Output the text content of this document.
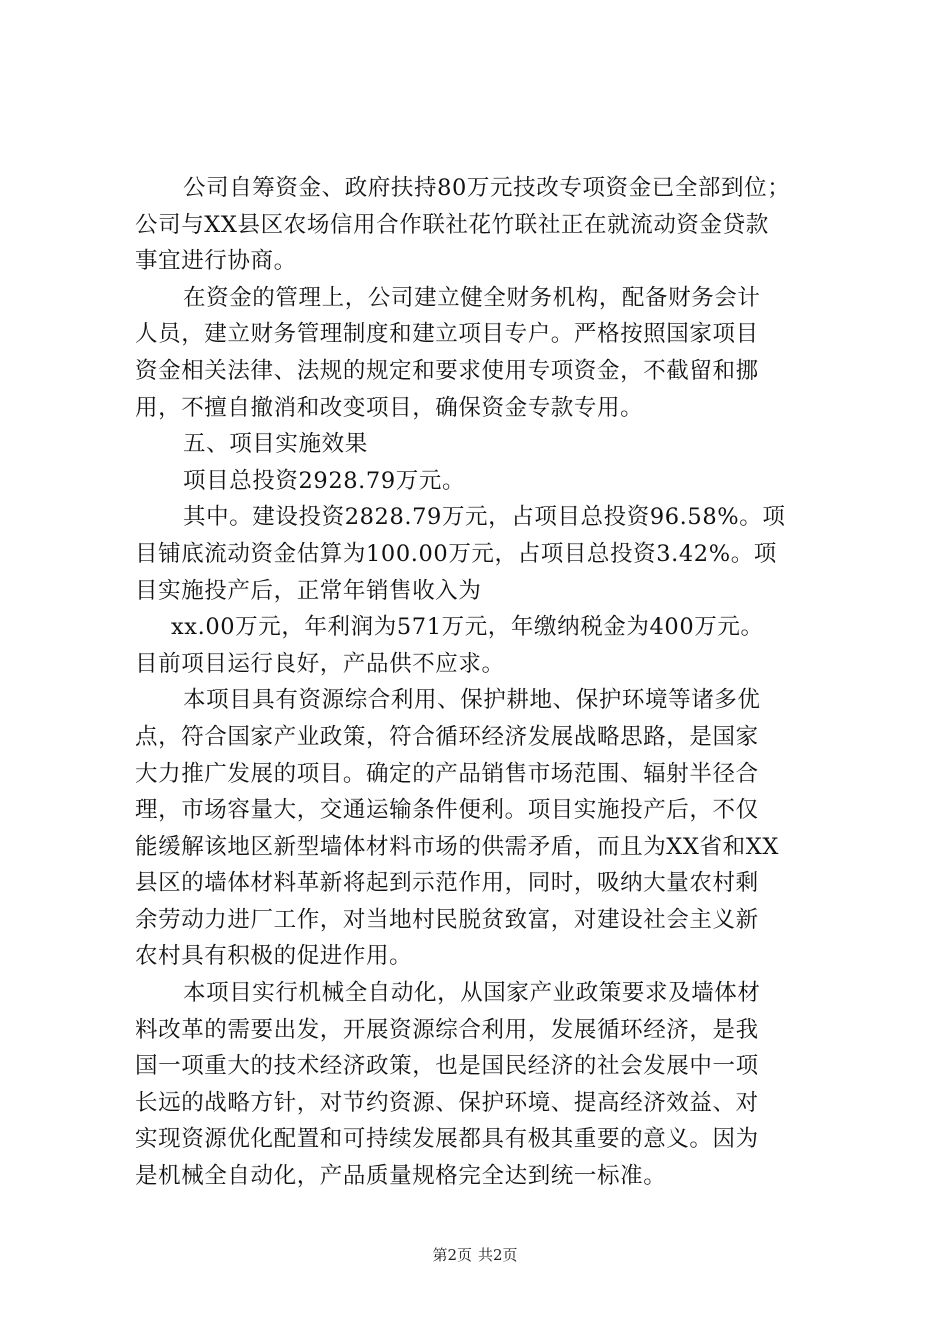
公司自筹资金、政府扶持80万元技改专项资金已全部到位；
公司与XX县区农场信用合作联社花竹联社正在就流动资金贷款
事宜进行协商。
在资金的管理上，公司建立健全财务机构，配备财务会计
人员，建立财务管理制度和建立项目专户。严格按照国家项目
资金相关法律、法规的规定和要求使用专项资金，不截留和挪
用，不擅自撤消和改变项目，确保资金专款专用。
五、项目实施效果
项目总投资2928.79万元。
其中。建设投资2828.79万元，占项目总投资96.58%。项
目铺底流动资金估算为100.00万元，占项目总投资3.42%。项
目实施投产后，正常年销售收入为
xx.00万元，年利润为571万元，年缴纳税金为400万元。
目前项目运行良好，产品供不应求。
本项目具有资源综合利用、保护耕地、保护环境等诸多优
点，符合国家产业政策，符合循环经济发展战略思路，是国家
大力推广发展的项目。确定的产品销售市场范围、辐射半径合
理，市场容量大，交通运输条件便利。项目实施投产后，不仅
能缓解该地区新型墙体材料市场的供需矛盾，而且为XX省和XX
县区的墙体材料革新将起到示范作用，同时，吸纳大量农村剩
余劳动力进厂工作，对当地村民脱贫致富，对建设社会主义新
农村具有积极的促进作用。
本项目实行机械全自动化，从国家产业政策要求及墙体材
料改革的需要出发，开展资源综合利用，发展循环经济，是我
国一项重大的技术经济政策，也是国民经济的社会发展中一项
长远的战略方针，对节约资源、保护环境、提高经济效益、对
实现资源优化配置和可持续发展都具有极其重要的意义。因为
是机械全自动化，产品质量规格完全达到统一标准。
第2页 共2页
